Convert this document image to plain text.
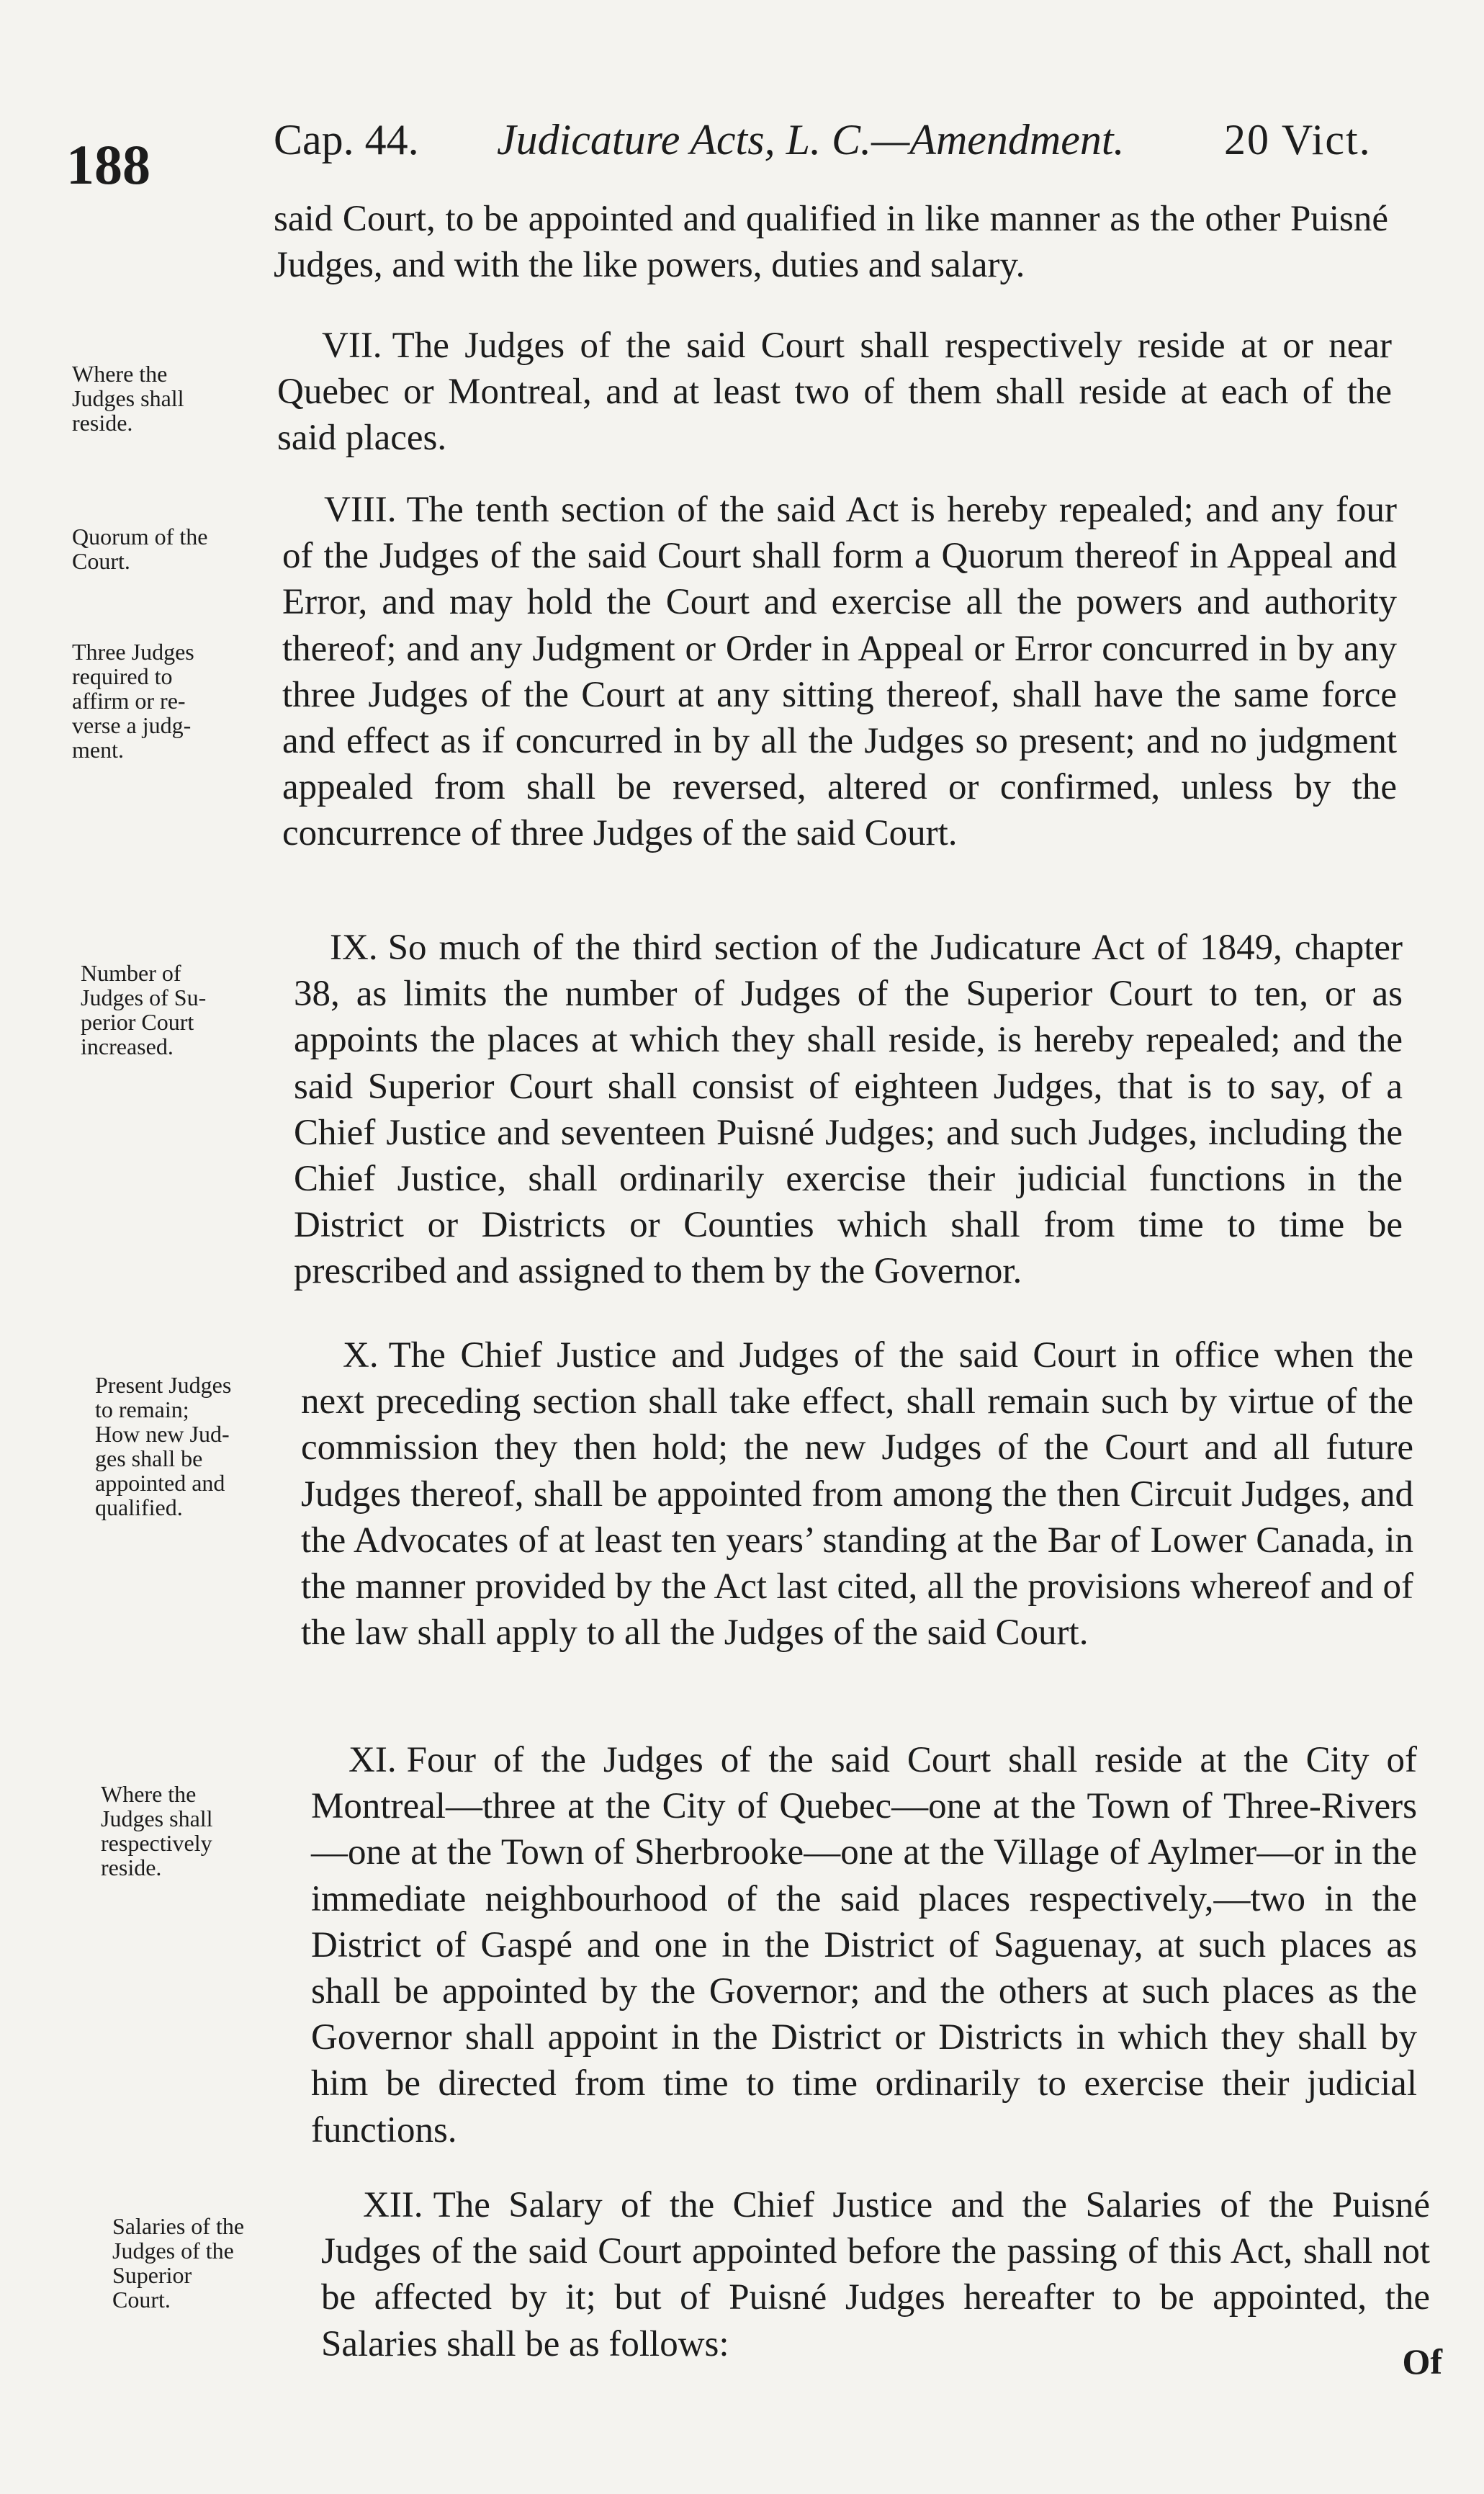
188	Cap. 44. Judicature Acts, L. C.—Amendment. 20 Vict.
said Court, to be appointed and qualified in like manner as the other Puisné Judges, and with the like powers, duties and salary.
Where the
Judges shall
reside.
VII. The Judges of the said Court shall respectively reside at or near Quebec or Montreal, and at least two of them shall reside at each of the said places.
Quorum of the
Court.
Three Judges
required to
affirm or re-
verse a judg-
ment.
VIII. The tenth section of the said Act is hereby repealed; and any four of the Judges of the said Court shall form a Quorum thereof in Appeal and Error, and may hold the Court and exercise all the powers and authority thereof; and any Judgment or Order in Appeal or Error concurred in by any three Judges of the Court at any sitting thereof, shall have the same force and effect as if concurred in by all the Judges so present; and no judgment appealed from shall be reversed, altered or confirmed, unless by the concurrence of three Judges of the said Court.
Number of
Judges of Su-
perior Court
increased.
IX. So much of the third section of the Judicature Act of 1849, chapter 38, as limits the number of Judges of the Superior Court to ten, or as appoints the places at which they shall reside, is hereby repealed; and the said Superior Court shall consist of eighteen Judges, that is to say, of a Chief Justice and seventeen Puisné Judges; and such Judges, including the Chief Justice, shall ordinarily exercise their judicial functions in the District or Districts or Counties which shall from time to time be prescribed and assigned to them by the Governor.
Present Judges
to remain;
How new Jud-
ges shall be
appointed and
qualified.
X. The Chief Justice and Judges of the said Court in office when the next preceding section shall take effect, shall remain such by virtue of the commission they then hold; the new Judges of the Court and all future Judges thereof, shall be appointed from among the then Circuit Judges, and the Advocates of at least ten years’ standing at the Bar of Lower Canada, in the manner provided by the Act last cited, all the provisions whereof and of the law shall apply to all the Judges of the said Court.
Where the
Judges shall
respectively
reside.
XI. Four of the Judges of the said Court shall reside at the City of Montreal—three at the City of Quebec—one at the Town of Three-Rivers—one at the Town of Sherbrooke—one at the Village of Aylmer—or in the immediate neighbourhood of the said places respectively,—two in the District of Gaspé and one in the District of Saguenay, at such places as shall be appointed by the Governor; and the others at such places as the Governor shall appoint in the District or Districts in which they shall by him be directed from time to time ordinarily to exercise their judicial functions.
Salaries of the
Judges of the
Superior
Court.
XII. The Salary of the Chief Justice and the Salaries of the Puisné Judges of the said Court appointed before the passing of this Act, shall not be affected by it; but of Puisné Judges hereafter to be appointed, the Salaries shall be as follows:	Of
